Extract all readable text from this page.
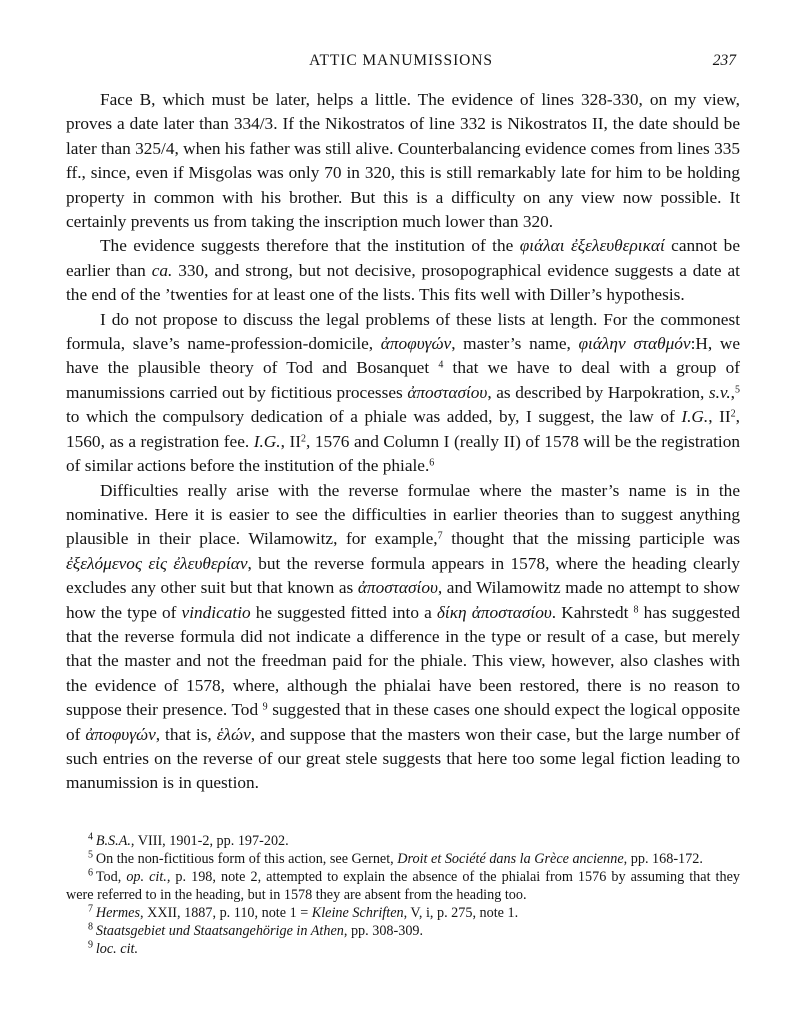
ATTIC MANUMISSIONS	237

Face B, which must be later, helps a little. The evidence of lines 328-330, on my view, proves a date later than 334/3. If the Nikostratos of line 332 is Nikostratos II, the date should be later than 325/4, when his father was still alive. Counterbalancing evidence comes from lines 335 ff., since, even if Misgolas was only 70 in 320, this is still remarkably late for him to be holding property in common with his brother. But this is a difficulty on any view now possible. It certainly prevents us from taking the inscription much lower than 320.

The evidence suggests therefore that the institution of the φιάλαι ἐξελευθερικαί cannot be earlier than ca. 330, and strong, but not decisive, prosopographical evidence suggests a date at the end of the ’twenties for at least one of the lists. This fits well with Diller’s hypothesis.

I do not propose to discuss the legal problems of these lists at length. For the commonest formula, slave’s name-profession-domicile, ἀποφυγών, master’s name, φιάλην σταθμόν:H, we have the plausible theory of Tod and Bosanquet $^4$ that we have to deal with a group of manumissions carried out by fictitious processes ἀποστασίου, as described by Harpokration, s.v.,$^5$ to which the compulsory dedication of a phiale was added, by, I suggest, the law of I.G., $II^2$, 1560, as a registration fee. I.G., $II^2$, 1576 and Column I (really II) of 1578 will be the registration of similar actions before the institution of the phiale.$^6$

Difficulties really arise with the reverse formulae where the master’s name is in the nominative. Here it is easier to see the difficulties in earlier theories than to suggest anything plausible in their place. Wilamowitz, for example,$^7$ thought that the missing participle was ἐξελόμενος εἰς ἐλευθερίαν, but the reverse formula appears in 1578, where the heading clearly excludes any other suit but that known as ἀποστασίου, and Wilamowitz made no attempt to show how the type of vindicatio he suggested fitted into a δίκη ἀποστασίου. Kahrstedt $^8$ has suggested that the reverse formula did not indicate a difference in the type or result of a case, but merely that the master and not the freedman paid for the phiale. This view, however, also clashes with the evidence of 1578, where, although the phialai have been restored, there is no reason to suppose their presence. Tod $^9$ suggested that in these cases one should expect the logical opposite of ἀποφυγών, that is, ἑλών, and suppose that the masters won their case, but the large number of such entries on the reverse of our great stele suggests that here too some legal fiction leading to manumission is in question.

$^4$  B.S.A., VIII, 1901-2, pp. 197-202.

$^5$  On the non-fictitious form of this action, see Gernet, Droit et Société dans la Grèce ancienne, pp. 168-172.

$^6$  Tod, op. cit., p. 198, note 2, attempted to explain the absence of the phialai from 1576 by assuming that they were referred to in the heading, but in 1578 they are absent from the heading too.

$^7$  Hermes, XXII, 1887, p. 110, note 1 = Kleine Schriften, V, i, p. 275, note 1.

$^8$  Staatsgebiet und Staatsangehörige in Athen, pp. 308-309.

$^9$  loc. cit.
